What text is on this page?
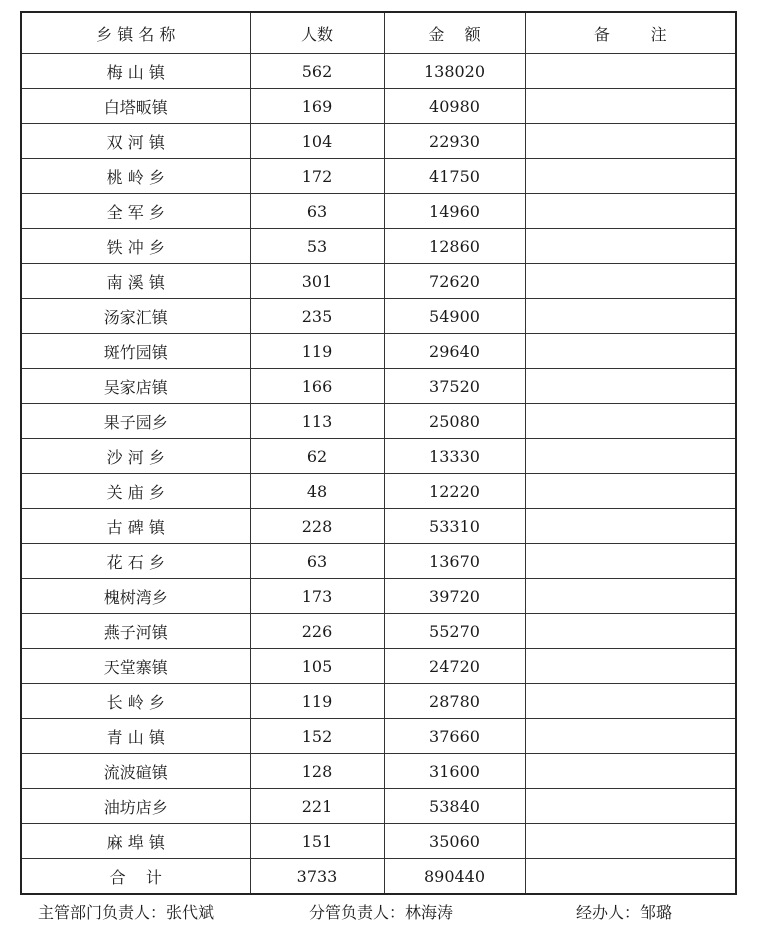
乡 镇 名 称	人数	金    额	备        注
梅 山 镇	562	138020	
白塔畈镇	169	40980	
双 河 镇	104	22930	
桃 岭 乡	172	41750	
全 军 乡	63	14960	
铁 冲 乡	53	12860	
南 溪 镇	301	72620	
汤家汇镇	235	54900	
斑竹园镇	119	29640	
吴家店镇	166	37520	
果子园乡	113	25080	
沙 河 乡	62	13330	
关 庙 乡	48	12220	
古 碑 镇	228	53310	
花 石 乡	63	13670	
槐树湾乡	173	39720	
燕子河镇	226	55270	
天堂寨镇	105	24720	
长 岭 乡	119	28780	
青 山 镇	152	37660	
流波碹镇	128	31600	
油坊店乡	221	53840	
麻 埠 镇	151	35060	
合    计	3733	890440	
主管部门负责人：张代斌	分管负责人：林海涛	经办人：邹璐
